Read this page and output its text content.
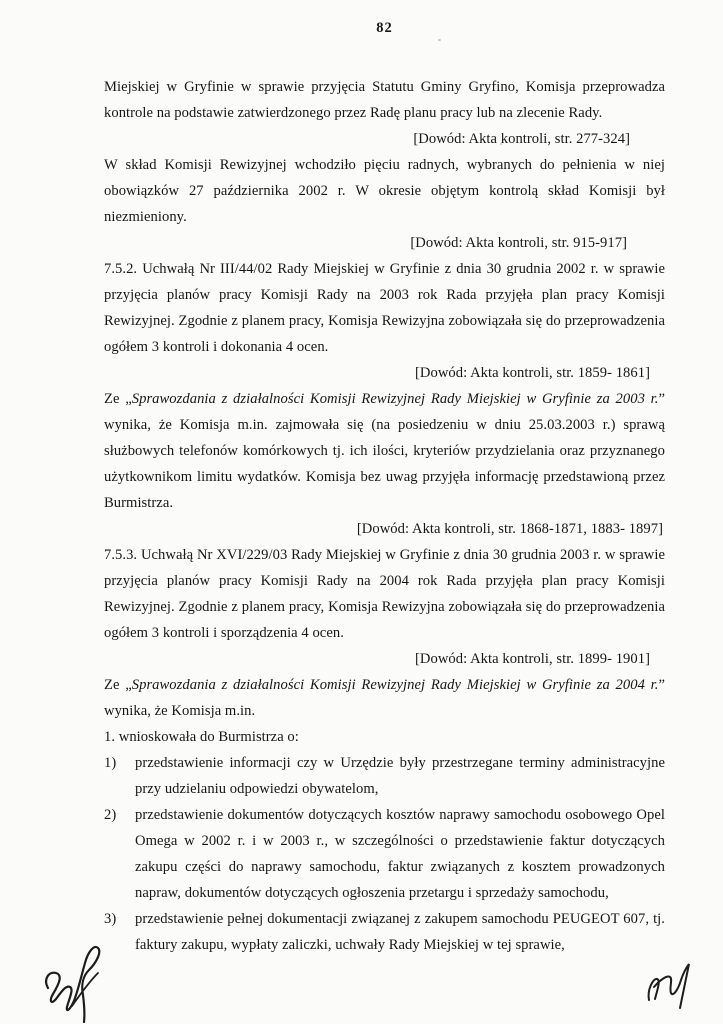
82
Miejskiej w Gryfinie w sprawie przyjęcia Statutu Gminy Gryfino, Komisja przeprowadza kontrole na podstawie zatwierdzonego przez Radę planu pracy lub na zlecenie Rady.
[Dowód: Akta kontroli, str. 277-324]
W skład Komisji Rewizyjnej wchodziło pięciu radnych, wybranych do pełnienia w niej obowiązków 27 października 2002 r. W okresie objętym kontrolą skład Komisji był niezmieniony.
[Dowód: Akta kontroli, str. 915-917]
7.5.2. Uchwałą Nr III/44/02 Rady Miejskiej w Gryfinie z dnia 30 grudnia 2002 r. w sprawie przyjęcia planów pracy Komisji Rady na 2003 rok Rada przyjęła plan pracy Komisji Rewizyjnej. Zgodnie z planem pracy, Komisja Rewizyjna zobowiązała się do przeprowadzenia ogółem 3 kontroli i dokonania 4 ocen.
[Dowód: Akta kontroli, str. 1859- 1861]
Ze „Sprawozdania z działalności Komisji Rewizyjnej Rady Miejskiej w Gryfinie za 2003 r.” wynika, że Komisja m.in. zajmowała się (na posiedzeniu w dniu 25.03.2003 r.) sprawą służbowych telefonów komórkowych tj. ich ilości, kryteriów przydzielania oraz przyznanego użytkownikom limitu wydatków. Komisja bez uwag przyjęła informację przedstawioną przez Burmistrza.
[Dowód: Akta kontroli, str. 1868-1871, 1883- 1897]
7.5.3. Uchwałą Nr XVI/229/03 Rady Miejskiej w Gryfinie z dnia 30 grudnia 2003 r. w sprawie przyjęcia planów pracy Komisji Rady na 2004 rok Rada przyjęła plan pracy Komisji Rewizyjnej. Zgodnie z planem pracy, Komisja Rewizyjna zobowiązała się do przeprowadzenia ogółem 3 kontroli i sporządzenia 4 ocen.
[Dowód: Akta kontroli, str. 1899- 1901]
Ze „Sprawozdania z działalności Komisji Rewizyjnej Rady Miejskiej w Gryfinie za 2004 r.” wynika, że Komisja m.in.
1. wnioskowała do Burmistrza o:
1) przedstawienie informacji czy w Urzędzie były przestrzegane terminy administracyjne przy udzielaniu odpowiedzi obywatelom,
2) przedstawienie dokumentów dotyczących kosztów naprawy samochodu osobowego Opel Omega w 2002 r. i w 2003 r., w szczególności o przedstawienie faktur dotyczących zakupu części do naprawy samochodu, faktur związanych z kosztem prowadzonych napraw, dokumentów dotyczących ogłoszenia przetargu i sprzedaży samochodu,
3) przedstawienie pełnej dokumentacji związanej z zakupem samochodu PEUGEOT 607, tj. faktury zakupu, wypłaty zaliczki, uchwały Rady Miejskiej w tej sprawie,
